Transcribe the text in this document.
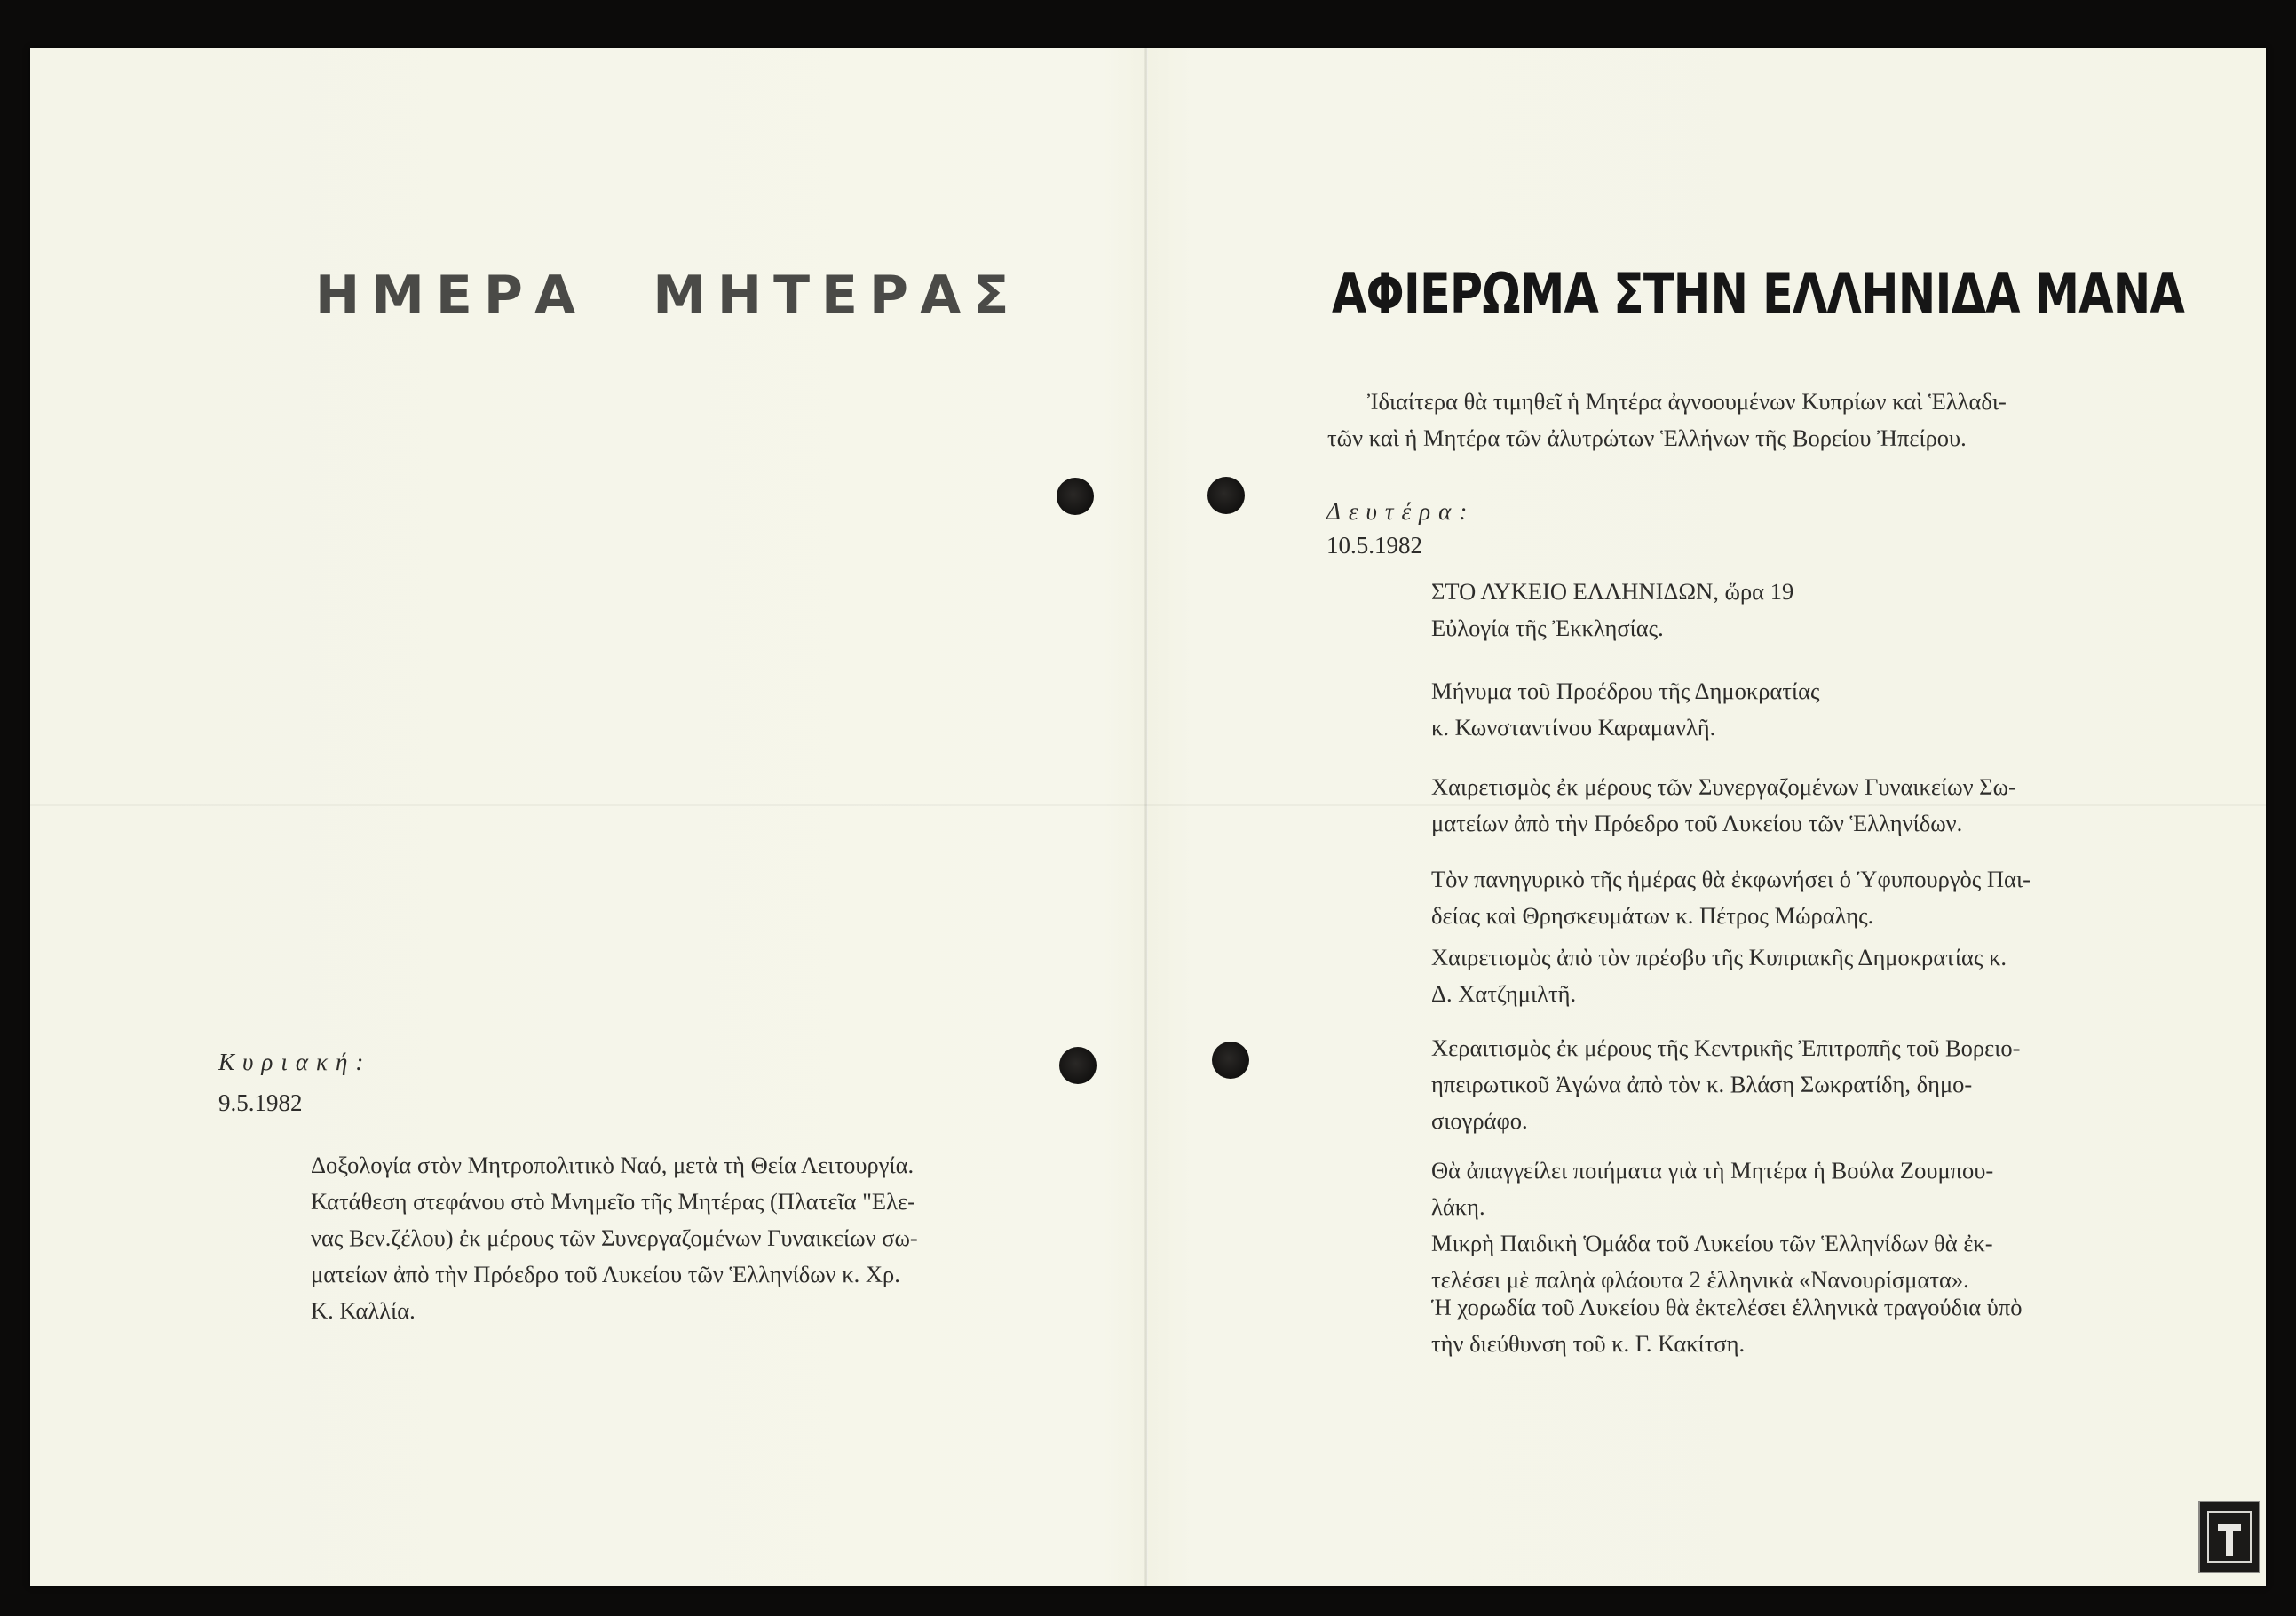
ΗΜΕΡΑ ΜΗΤΕΡΑΣ
Κυριακή:
9.5.1982
Δοξολογία στὸν Μητροπολιτικὸ Ναό, μετὰ τὴ Θεία Λειτουργία.
Κατάθεση στεφάνου στὸ Μνημεῖο τῆς Μητέρας (Πλατεῖα "Ελε-
νας Βεν.ζέλου) ἐκ μέρους τῶν Συνεργαζομένων Γυναικείων σω-
ματείων ἀπὸ τὴν Πρόεδρο τοῦ Λυκείου τῶν Ἑλληνίδων κ. Χρ.
Κ. Καλλία.
ΑΦΙΕΡΩΜΑ ΣΤΗΝ ΕΛΛΗΝΙΔΑ ΜΑΝΑ
Ἰδιαίτερα θὰ τιμηθεῖ ἡ Μητέρα ἀγνοουμένων Κυπρίων καὶ Ἑλλαδι-
τῶν καὶ ἡ Μητέρα τῶν ἀλυτρώτων Ἑλλήνων τῆς Βορείου Ἠπείρου.
Δευτέρα:
10.5.1982
ΣΤΟ ΛΥΚΕΙΟ ΕΛΛΗΝΙΔΩΝ, ὥρα 19
Εὐλογία τῆς Ἐκκλησίας.
Μήνυμα τοῦ Προέδρου τῆς Δημοκρατίας
κ. Κωνσταντίνου Καραμανλῆ.
Χαιρετισμὸς ἐκ μέρους τῶν Συνεργαζομένων Γυναικείων Σω-
ματείων ἀπὸ τὴν Πρόεδρο τοῦ Λυκείου τῶν Ἑλληνίδων.
Τὸν πανηγυρικὸ τῆς ἡμέρας θὰ ἐκφωνήσει ὁ Ὑφυπουργὸς Παι-
δείας καὶ Θρησκευμάτων κ. Πέτρος Μώραλης.
Χαιρετισμὸς ἀπὸ τὸν πρέσβυ τῆς Κυπριακῆς Δημοκρατίας κ.
Δ. Χατζημιλτῆ.
Χεραιτισμὸς ἐκ μέρους τῆς Κεντρικῆς Ἐπιτροπῆς τοῦ Βορειο-
ηπειρωτικοῦ Ἀγώνα ἀπὸ τὸν κ. Βλάση Σωκρατίδη, δημο-
σιογράφο.
Θὰ ἀπαγγείλει ποιήματα γιὰ τὴ Μητέρα ἡ Βούλα Ζουμπου-
λάκη.
Μικρὴ Παιδικὴ Ὁμάδα τοῦ Λυκείου τῶν Ἑλληνίδων θὰ ἐκ-
τελέσει μὲ παληὰ φλάουτα 2 ἑλληνικὰ «Νανουρίσματα».
Ἡ χορωδία τοῦ Λυκείου θὰ ἐκτελέσει ἑλληνικὰ τραγούδια ὑπὸ
τὴν διεύθυνση τοῦ κ. Γ. Κακίτση.
